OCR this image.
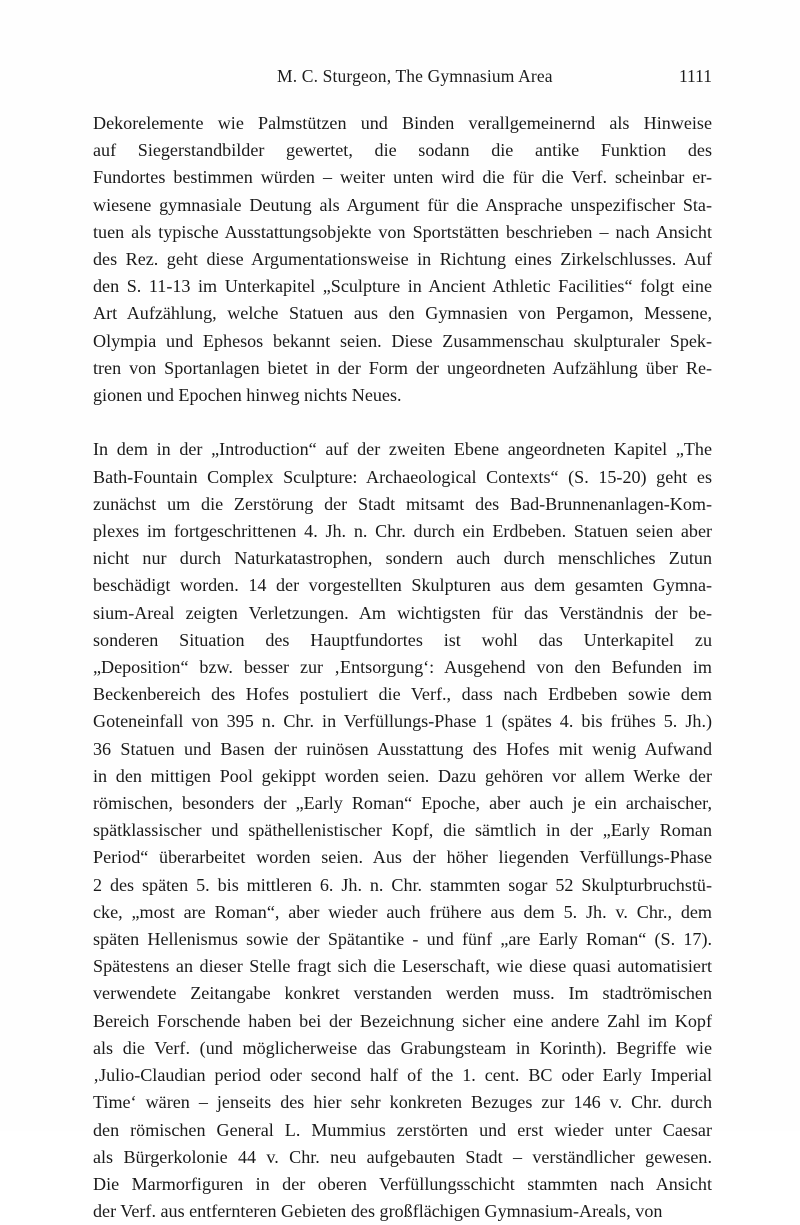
M. C. Sturgeon, The Gymnasium Area	1111

Dekorelemente wie Palmstützen und Binden verallgemeinernd als Hinweise
auf Siegerstandbilder gewertet, die sodann die antike Funktion des
Fundortes bestimmen würden – weiter unten wird die für die Verf. scheinbar er-
wiesene gymnasiale Deutung als Argument für die Ansprache unspezifischer Sta-
tuen als typische Ausstattungsobjekte von Sportstätten beschrieben – nach Ansicht
des Rez. geht diese Argumentationsweise in Richtung eines Zirkelschlusses. Auf
den S. 11-13 im Unterkapitel „Sculpture in Ancient Athletic Facilities“ folgt eine
Art Aufzählung, welche Statuen aus den Gymnasien von Pergamon, Messene,
Olympia und Ephesos bekannt seien. Diese Zusammenschau skulpturaler Spek-
tren von Sportanlagen bietet in der Form der ungeordneten Aufzählung über Re-
gionen und Epochen hinweg nichts Neues.

In dem in der „Introduction“ auf der zweiten Ebene angeordneten Kapitel „The
Bath-Fountain Complex Sculpture: Archaeological Contexts“ (S. 15-20) geht es
zunächst um die Zerstörung der Stadt mitsamt des Bad-Brunnenanlagen-Kom-
plexes im fortgeschrittenen 4. Jh. n. Chr. durch ein Erdbeben. Statuen seien aber
nicht nur durch Naturkatastrophen, sondern auch durch menschliches Zutun
beschädigt worden. 14 der vorgestellten Skulpturen aus dem gesamten Gymna-
sium-Areal zeigten Verletzungen. Am wichtigsten für das Verständnis der be-
sonderen Situation des Hauptfundortes ist wohl das Unterkapitel zu
„Deposition“ bzw. besser zur ‚Entsorgung‘: Ausgehend von den Befunden im
Beckenbereich des Hofes postuliert die Verf., dass nach Erdbeben sowie dem
Goteneinfall von 395 n. Chr. in Verfüllungs-Phase 1 (spätes 4. bis frühes 5. Jh.)
36 Statuen und Basen der ruinösen Ausstattung des Hofes mit wenig Aufwand
in den mittigen Pool gekippt worden seien. Dazu gehören vor allem Werke der
römischen, besonders der „Early Roman“ Epoche, aber auch je ein archaischer,
spätklassischer und späthellenistischer Kopf, die sämtlich in der „Early Roman
Period“ überarbeitet worden seien. Aus der höher liegenden Verfüllungs-Phase
2 des späten 5. bis mittleren 6. Jh. n. Chr. stammten sogar 52 Skulpturbruchstü-
cke, „most are Roman“, aber wieder auch frühere aus dem 5. Jh. v. Chr., dem
späten Hellenismus sowie der Spätantike - und fünf „are Early Roman“ (S. 17).
Spätestens an dieser Stelle fragt sich die Leserschaft, wie diese quasi automatisiert
verwendete Zeitangabe konkret verstanden werden muss. Im stadtrömischen
Bereich Forschende haben bei der Bezeichnung sicher eine andere Zahl im Kopf
als die Verf. (und möglicherweise das Grabungsteam in Korinth). Begriffe wie
‚Julio-Claudian period oder second half of the 1. cent. BC oder Early Imperial
Time‘ wären – jenseits des hier sehr konkreten Bezuges zur 146 v. Chr. durch
den römischen General L. Mummius zerstörten und erst wieder unter Caesar
als Bürgerkolonie 44 v. Chr. neu aufgebauten Stadt – verständlicher gewesen.
Die Marmorfiguren in der oberen Verfüllungsschicht stammten nach Ansicht
der Verf. aus entfernteren Gebieten des großflächigen Gymnasium-Areals, von
